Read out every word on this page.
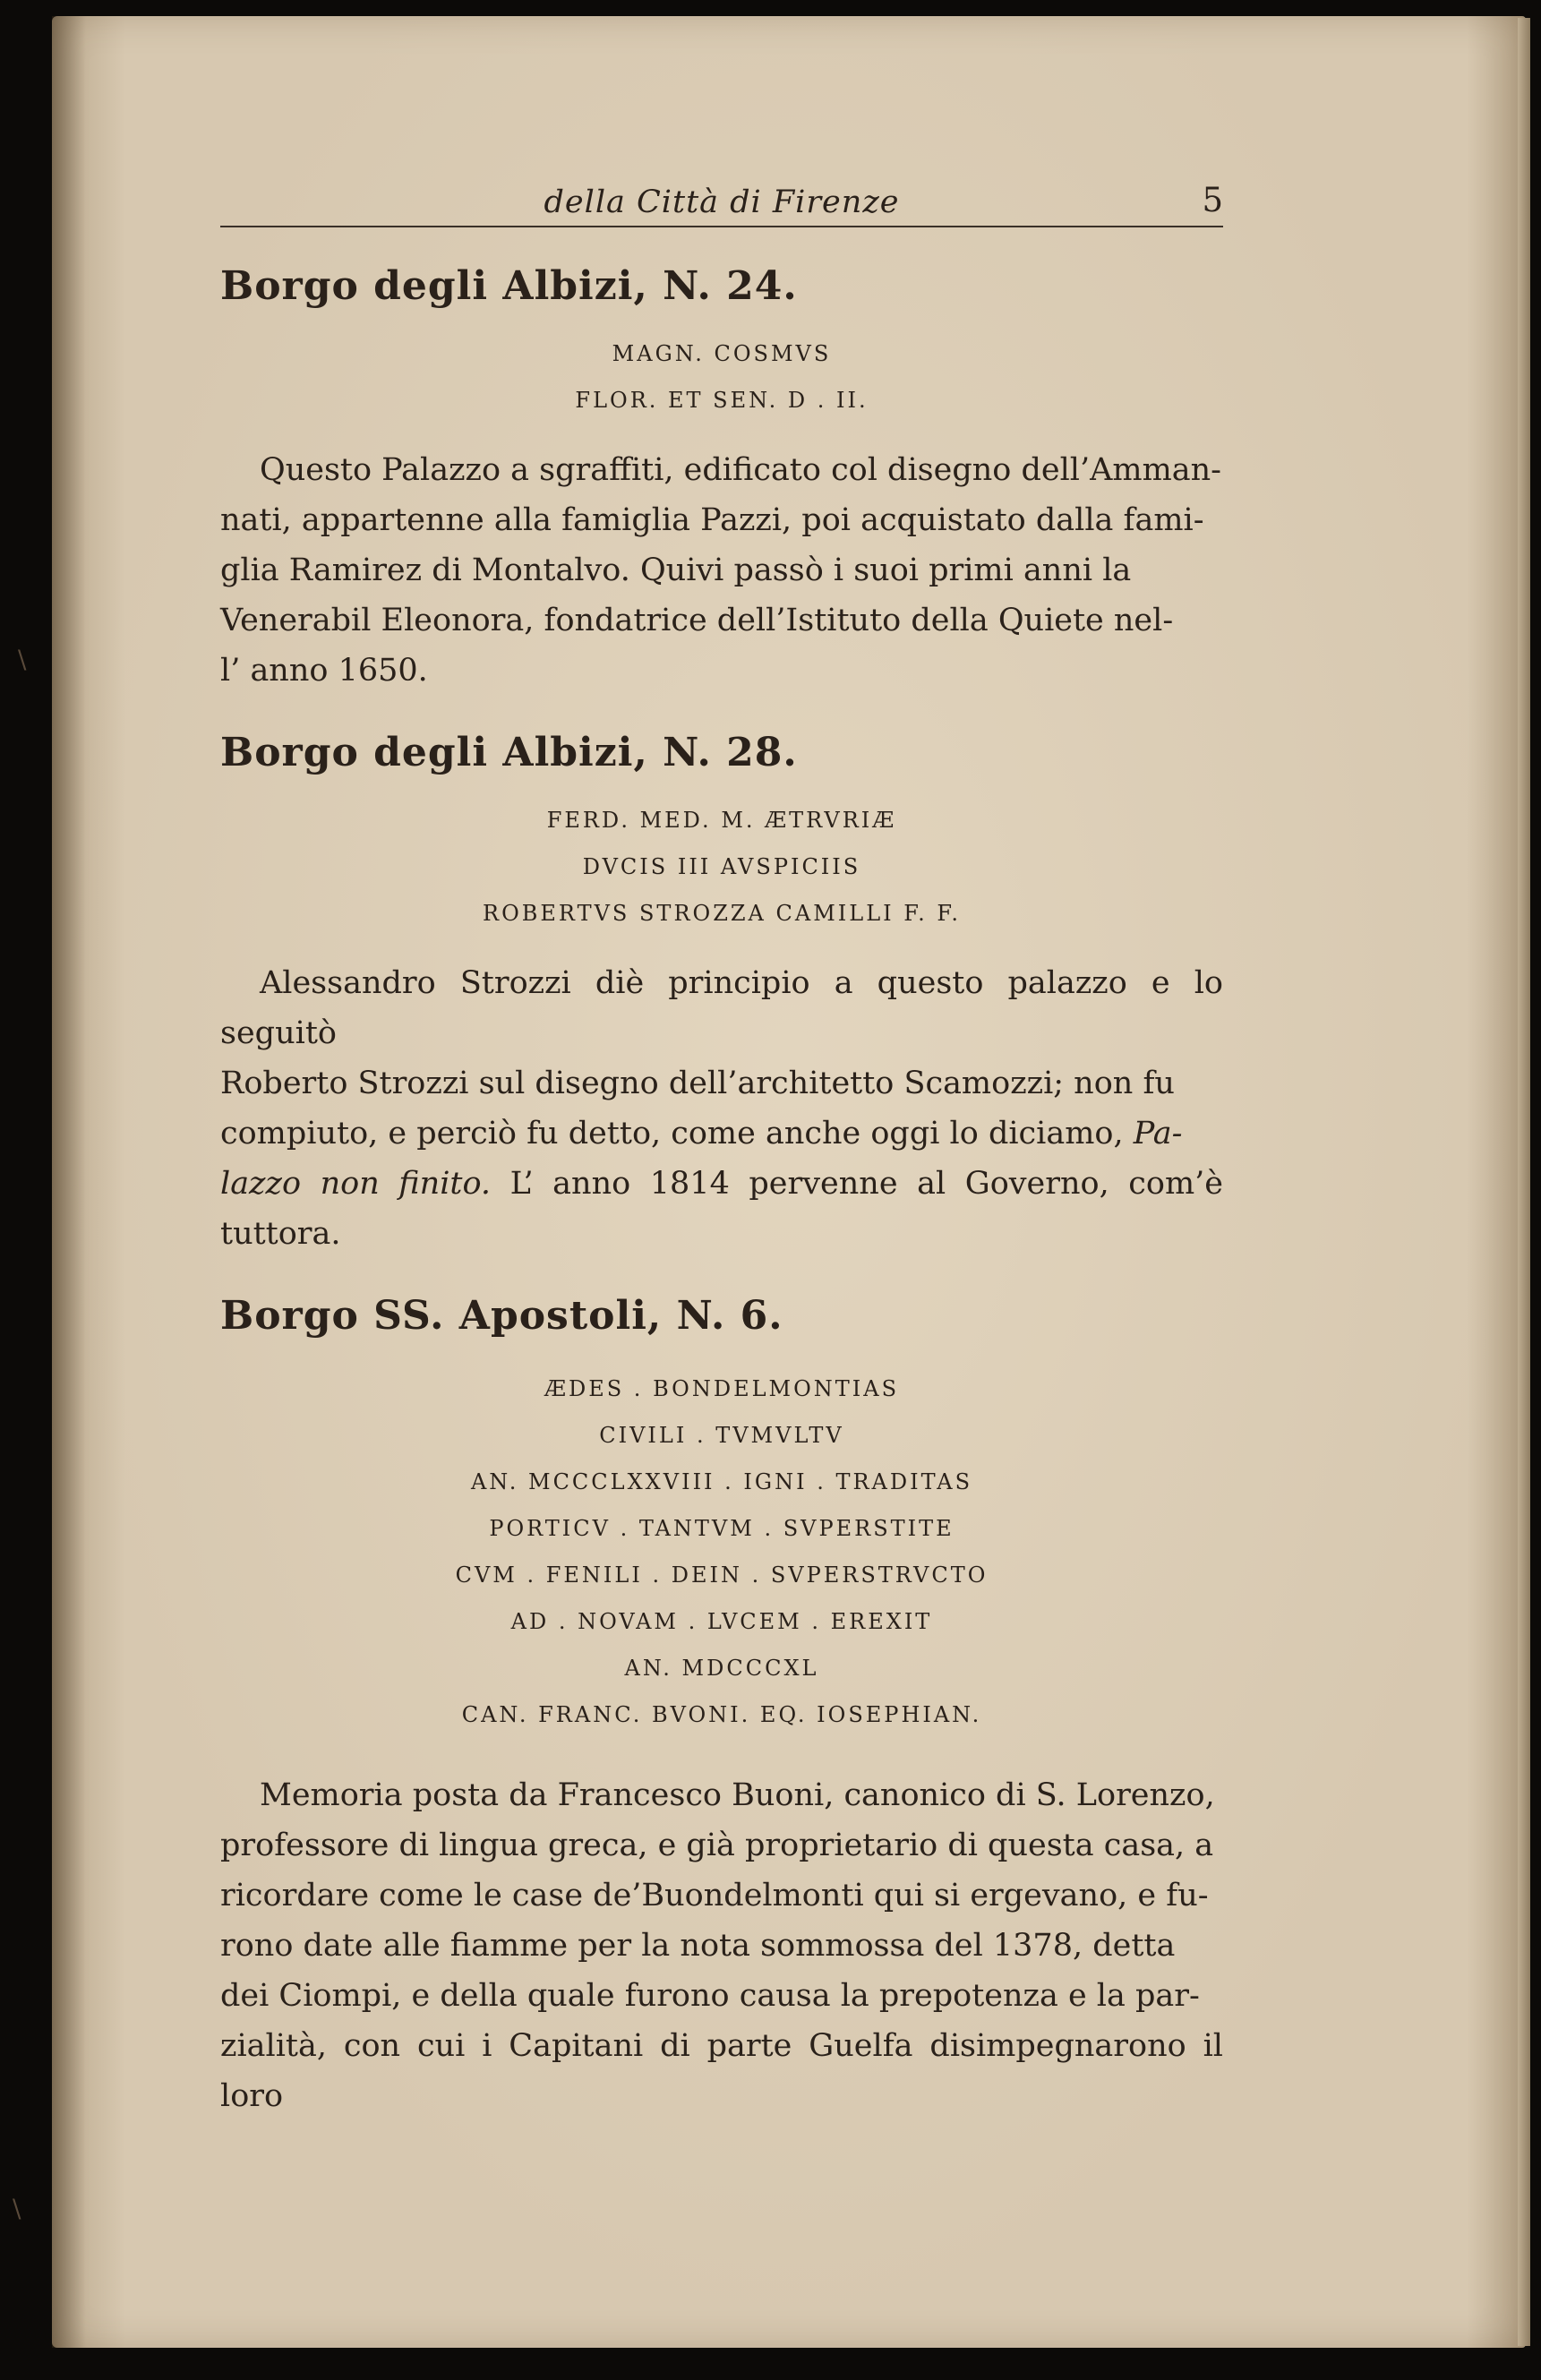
della Città di Firenze	5
Borgo degli Albizi, N. 24.
MAGN. COSMVS
FLOR. ET SEN. D . II.

Questo Palazzo a sgraffiti, edificato col disegno dell’Amman-

nati, appartenne alla famiglia Pazzi, poi acquistato dalla fami-

glia Ramirez di Montalvo. Quivi passò i suoi primi anni la

Venerabil Eleonora, fondatrice dell’Istituto della Quiete nel-

l’ anno 1650.

Borgo degli Albizi, N. 28.
FERD. MED. M. ÆTRVRIÆ
DVCIS III AVSPICIIS
ROBERTVS STROZZA CAMILLI F. F.

Alessandro Strozzi diè principio a questo palazzo e lo seguitò

Roberto Strozzi sul disegno dell’architetto Scamozzi; non fu

compiuto, e perciò fu detto, come anche oggi lo diciamo, Pa-

lazzo non finito. L’ anno 1814 pervenne al Governo, com’è tuttora.

Borgo SS. Apostoli, N. 6.
ÆDES . BONDELMONTIAS
CIVILI . TVMVLTV
AN. MCCCLXXVIII . IGNI . TRADITAS
PORTICV . TANTVM . SVPERSTITE
CVM . FENILI . DEIN . SVPERSTRVCTO
AD . NOVAM . LVCEM . EREXIT
AN. MDCCCXL
CAN. FRANC. BVONI. EQ. IOSEPHIAN.

Memoria posta da Francesco Buoni, canonico di S. Lorenzo,

professore di lingua greca, e già proprietario di questa casa, a

ricordare come le case de’Buondelmonti qui si ergevano, e fu-

rono date alle fiamme per la nota sommossa del 1378, detta

dei Ciompi, e della quale furono causa la prepotenza e la par-

zialità, con cui i Capitani di parte Guelfa disimpegnarono il loro

\
\
